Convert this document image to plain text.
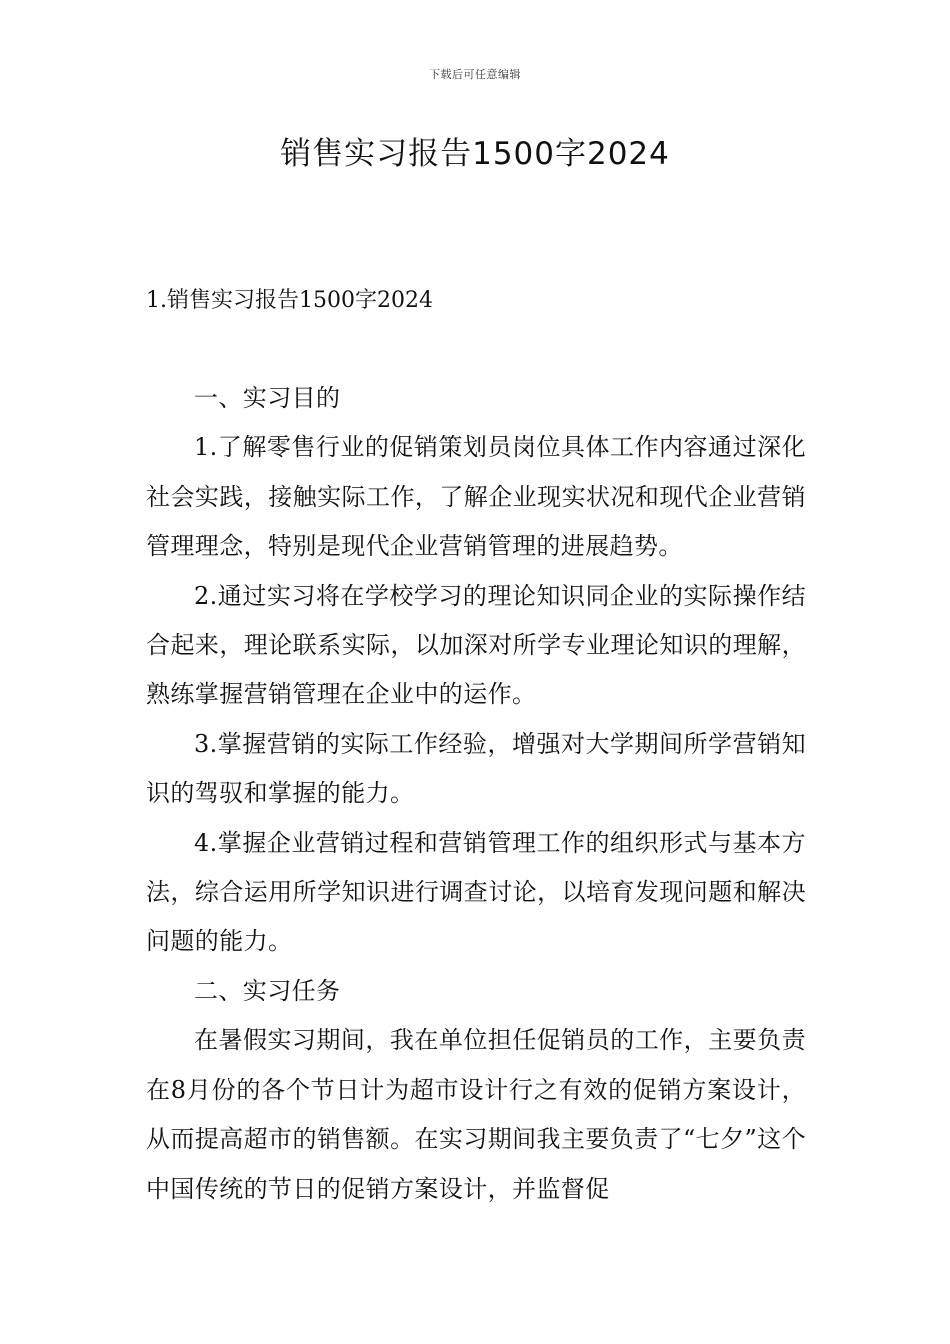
下载后可任意编辑
销售实习报告1500字2024
1.销售实习报告1500字2024

一、实习目的

1.了解零售行业的促销策划员岗位具体工作内容通过深化社会实践，接触实际工作，了解企业现实状况和现代企业营销管理理念，特别是现代企业营销管理的进展趋势。

2.通过实习将在学校学习的理论知识同企业的实际操作结合起来，理论联系实际，以加深对所学专业理论知识的理解，熟练掌握营销管理在企业中的运作。

3.掌握营销的实际工作经验，增强对大学期间所学营销知识的驾驭和掌握的能力。

4.掌握企业营销过程和营销管理工作的组织形式与基本方法，综合运用所学知识进行调查讨论，以培育发现问题和解决问题的能力。

二、实习任务

在暑假实习期间，我在单位担任促销员的工作，主要负责在8月份的各个节日计为超市设计行之有效的促销方案设计，从而提高超市的销售额。在实习期间我主要负责了“七夕”这个中国传统的节日的促销方案设计，并监督促
